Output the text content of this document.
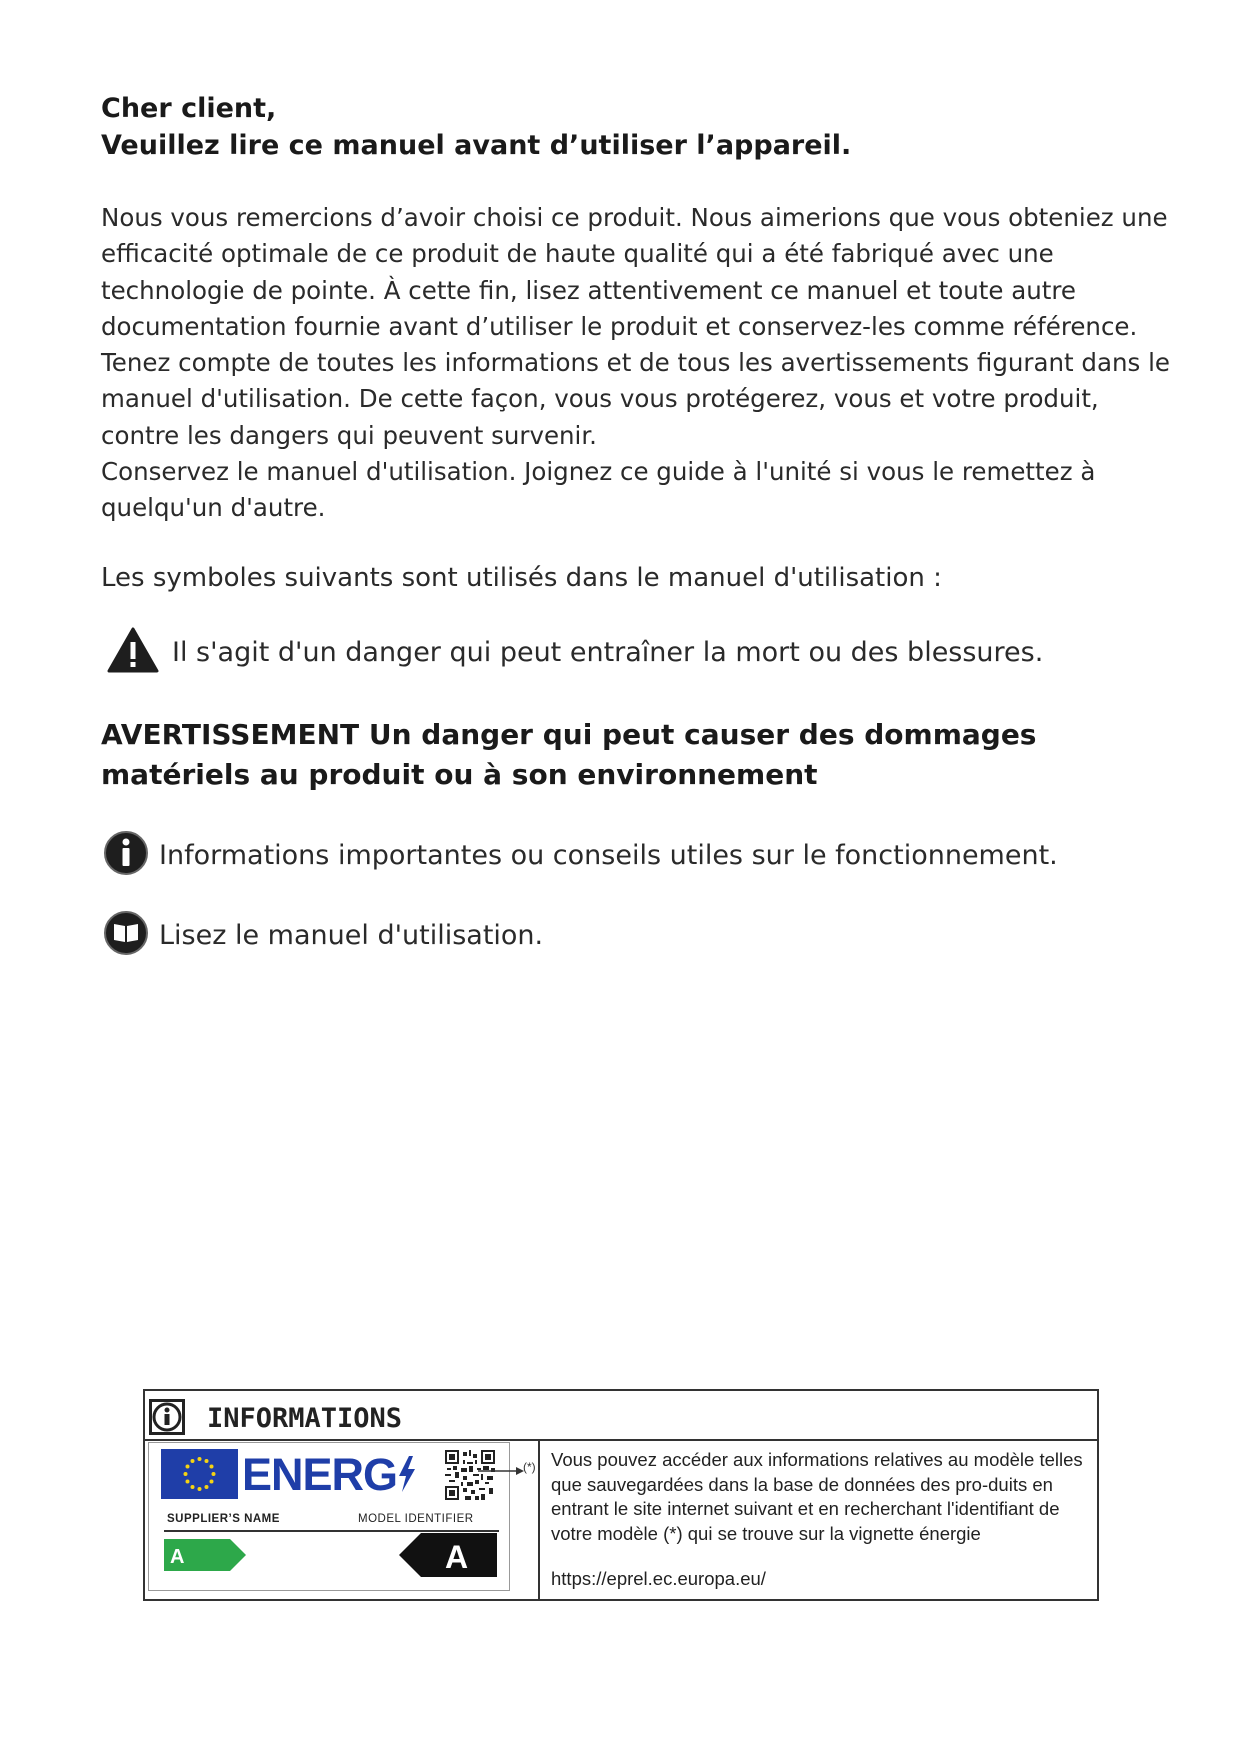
Cher client,
Veuillez lire ce manuel avant d’utiliser l’appareil.

Nous vous remercions d’avoir choisi ce produit. Nous aimerions que vous obteniez une efficacité optimale de ce produit de haute qualité qui a été fabriqué avec une technologie de pointe. À cette fin, lisez attentivement ce manuel et toute autre documentation fournie avant d’utiliser le produit et conservez-les comme référence.

Tenez compte de toutes les informations et de tous les avertissements figurant dans le manuel d'utilisation. De cette façon, vous vous protégerez, vous et votre produit, contre les dangers qui peuvent survenir.

Conservez le manuel d'utilisation. Joignez ce guide à l'unité si vous le remettez à quelqu'un d'autre.

Les symboles suivants sont utilisés dans le manuel d'utilisation :
Il s'agit d'un danger qui peut entraîner la mort ou des blessures.
AVERTISSEMENT Un danger qui peut causer des dommages
matériels au produit ou à son environnement
Informations importantes ou conseils utiles sur le fonctionnement.
Lisez le manuel d'utilisation.
INFORMATIONS
ENERG
SUPPLIER’S NAME	MODEL IDENTIFIER
A	A
(*) Vous pouvez accéder aux informations relatives au modèle telles que sauvegardées dans la base de données des pro-duits en entrant le site internet suivant et en recherchant l'identifiant de votre modèle (*) qui se trouve sur la vignette énergie

https://eprel.ec.europa.eu/
